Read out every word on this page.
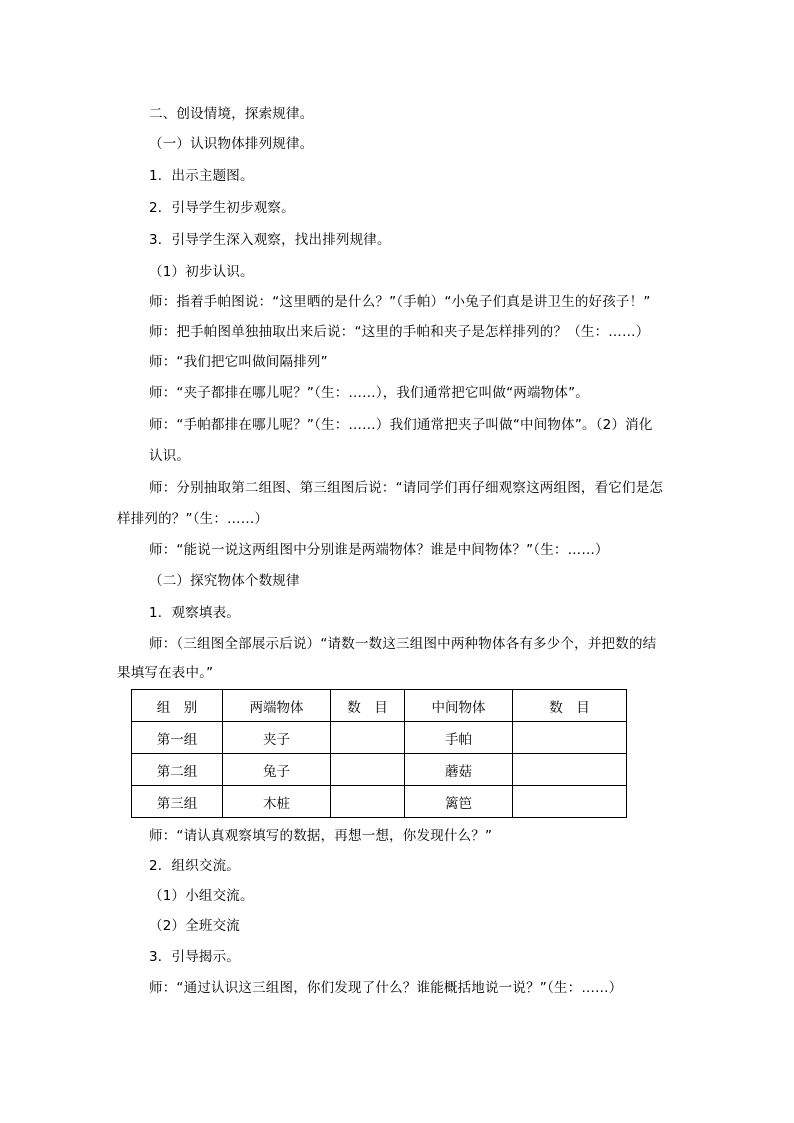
二、创设情境，探索规律。
（一）认识物体排列规律。
1．出示主题图。
2．引导学生初步观察。
3．引导学生深入观察，找出排列规律。
（1）初步认识。
师：指着手帕图说：“这里晒的是什么？”（手帕）“小兔子们真是讲卫生的好孩子！”
师：把手帕图单独抽取出来后说：“这里的手帕和夹子是怎样排列的？（生：……）
师：“我们把它叫做间隔排列”
师：“夹子都排在哪儿呢？”（生：……），我们通常把它叫做“两端物体”。
师：“手帕都排在哪儿呢？”（生：……）我们通常把夹子叫做“中间物体”。（2）消化
认识。
师：分别抽取第二组图、第三组图后说：“请同学们再仔细观察这两组图，看它们是怎
样排列的？”（生：……）
师：“能说一说这两组图中分别谁是两端物体？谁是中间物体？”（生：……）
（二）探究物体个数规律
1．观察填表。
师：（三组图全部展示后说）“请数一数这三组图中两种物体各有多少个，并把数的结
果填写在表中。”
组　别	两端物体	数　目	中间物体	数　目
第一组	夹子		手帕	
第二组	兔子		蘑菇	
第三组	木桩		篱笆	
师：“请认真观察填写的数据，再想一想，你发现什么？”
2．组织交流。
（1）小组交流。
（2）全班交流
3．引导揭示。
师：“通过认识这三组图，你们发现了什么？谁能概括地说一说？”（生：……）
